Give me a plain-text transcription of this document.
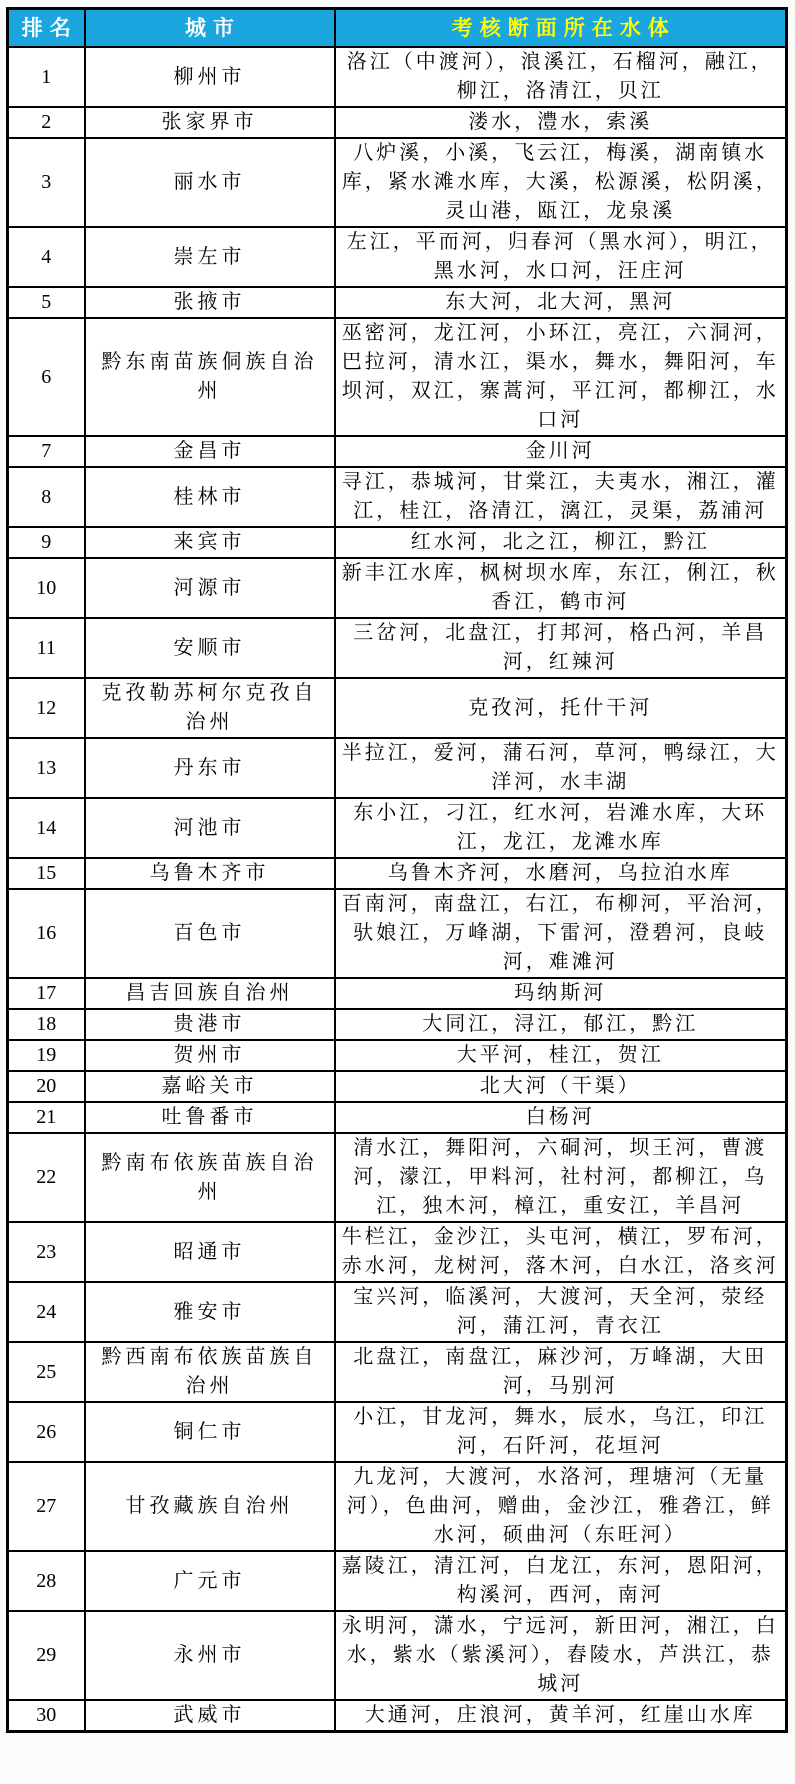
排名	城市	考核断面所在水体
1	柳州市	洛江（中渡河），浪溪江，石榴河，融江，柳江，洛清江，贝江
2	张家界市	溇水，澧水，索溪
3	丽水市	八炉溪，小溪，飞云江，梅溪，湖南镇水库，紧水滩水库，大溪，松源溪，松阴溪，灵山港，瓯江，龙泉溪
4	崇左市	左江，平而河，归春河（黑水河），明江，黑水河，水口河，汪庄河
5	张掖市	东大河，北大河，黑河
6	黔东南苗族侗族自治州	巫密河，龙江河，小环江，亮江，六洞河，巴拉河，清水江，渠水，舞水，舞阳河，车坝河，双江，寨蒿河，平江河，都柳江，水口河
7	金昌市	金川河
8	桂林市	寻江，恭城河，甘棠江，夫夷水，湘江，灌江，桂江，洛清江，漓江，灵渠，荔浦河
9	来宾市	红水河，北之江，柳江，黔江
10	河源市	新丰江水库，枫树坝水库，东江，俐江，秋香江，鹤市河
11	安顺市	三岔河，北盘江，打邦河，格凸河，羊昌河，红辣河
12	克孜勒苏柯尔克孜自治州	克孜河，托什干河
13	丹东市	半拉江，爱河，蒲石河，草河，鸭绿江，大洋河，水丰湖
14	河池市	东小江，刁江，红水河，岩滩水库，大环江，龙江，龙滩水库
15	乌鲁木齐市	乌鲁木齐河，水磨河，乌拉泊水库
16	百色市	百南河，南盘江，右江，布柳河，平治河，驮娘江，万峰湖，下雷河，澄碧河，良岐河，难滩河
17	昌吉回族自治州	玛纳斯河
18	贵港市	大同江，浔江，郁江，黔江
19	贺州市	大平河，桂江，贺江
20	嘉峪关市	北大河（干渠）
21	吐鲁番市	白杨河
22	黔南布依族苗族自治州	清水江，舞阳河，六硐河，坝王河，曹渡河，濛江，甲料河，社村河，都柳江，乌江，独木河，樟江，重安江，羊昌河
23	昭通市	牛栏江，金沙江，头屯河，横江，罗布河，赤水河，龙树河，落木河，白水江，洛亥河
24	雅安市	宝兴河，临溪河，大渡河，天全河，荥经河，蒲江河，青衣江
25	黔西南布依族苗族自治州	北盘江，南盘江，麻沙河，万峰湖，大田河，马别河
26	铜仁市	小江，甘龙河，舞水，辰水，乌江，印江河，石阡河，花垣河
27	甘孜藏族自治州	九龙河，大渡河，水洛河，理塘河（无量河），色曲河，赠曲，金沙江，雅砻江，鲜水河，硕曲河（东旺河）
28	广元市	嘉陵江，清江河，白龙江，东河，恩阳河，构溪河，西河，南河
29	永州市	永明河，潇水，宁远河，新田河，湘江，白水，紫水（紫溪河），舂陵水，芦洪江，恭城河
30	武威市	大通河，庄浪河，黄羊河，红崖山水库
